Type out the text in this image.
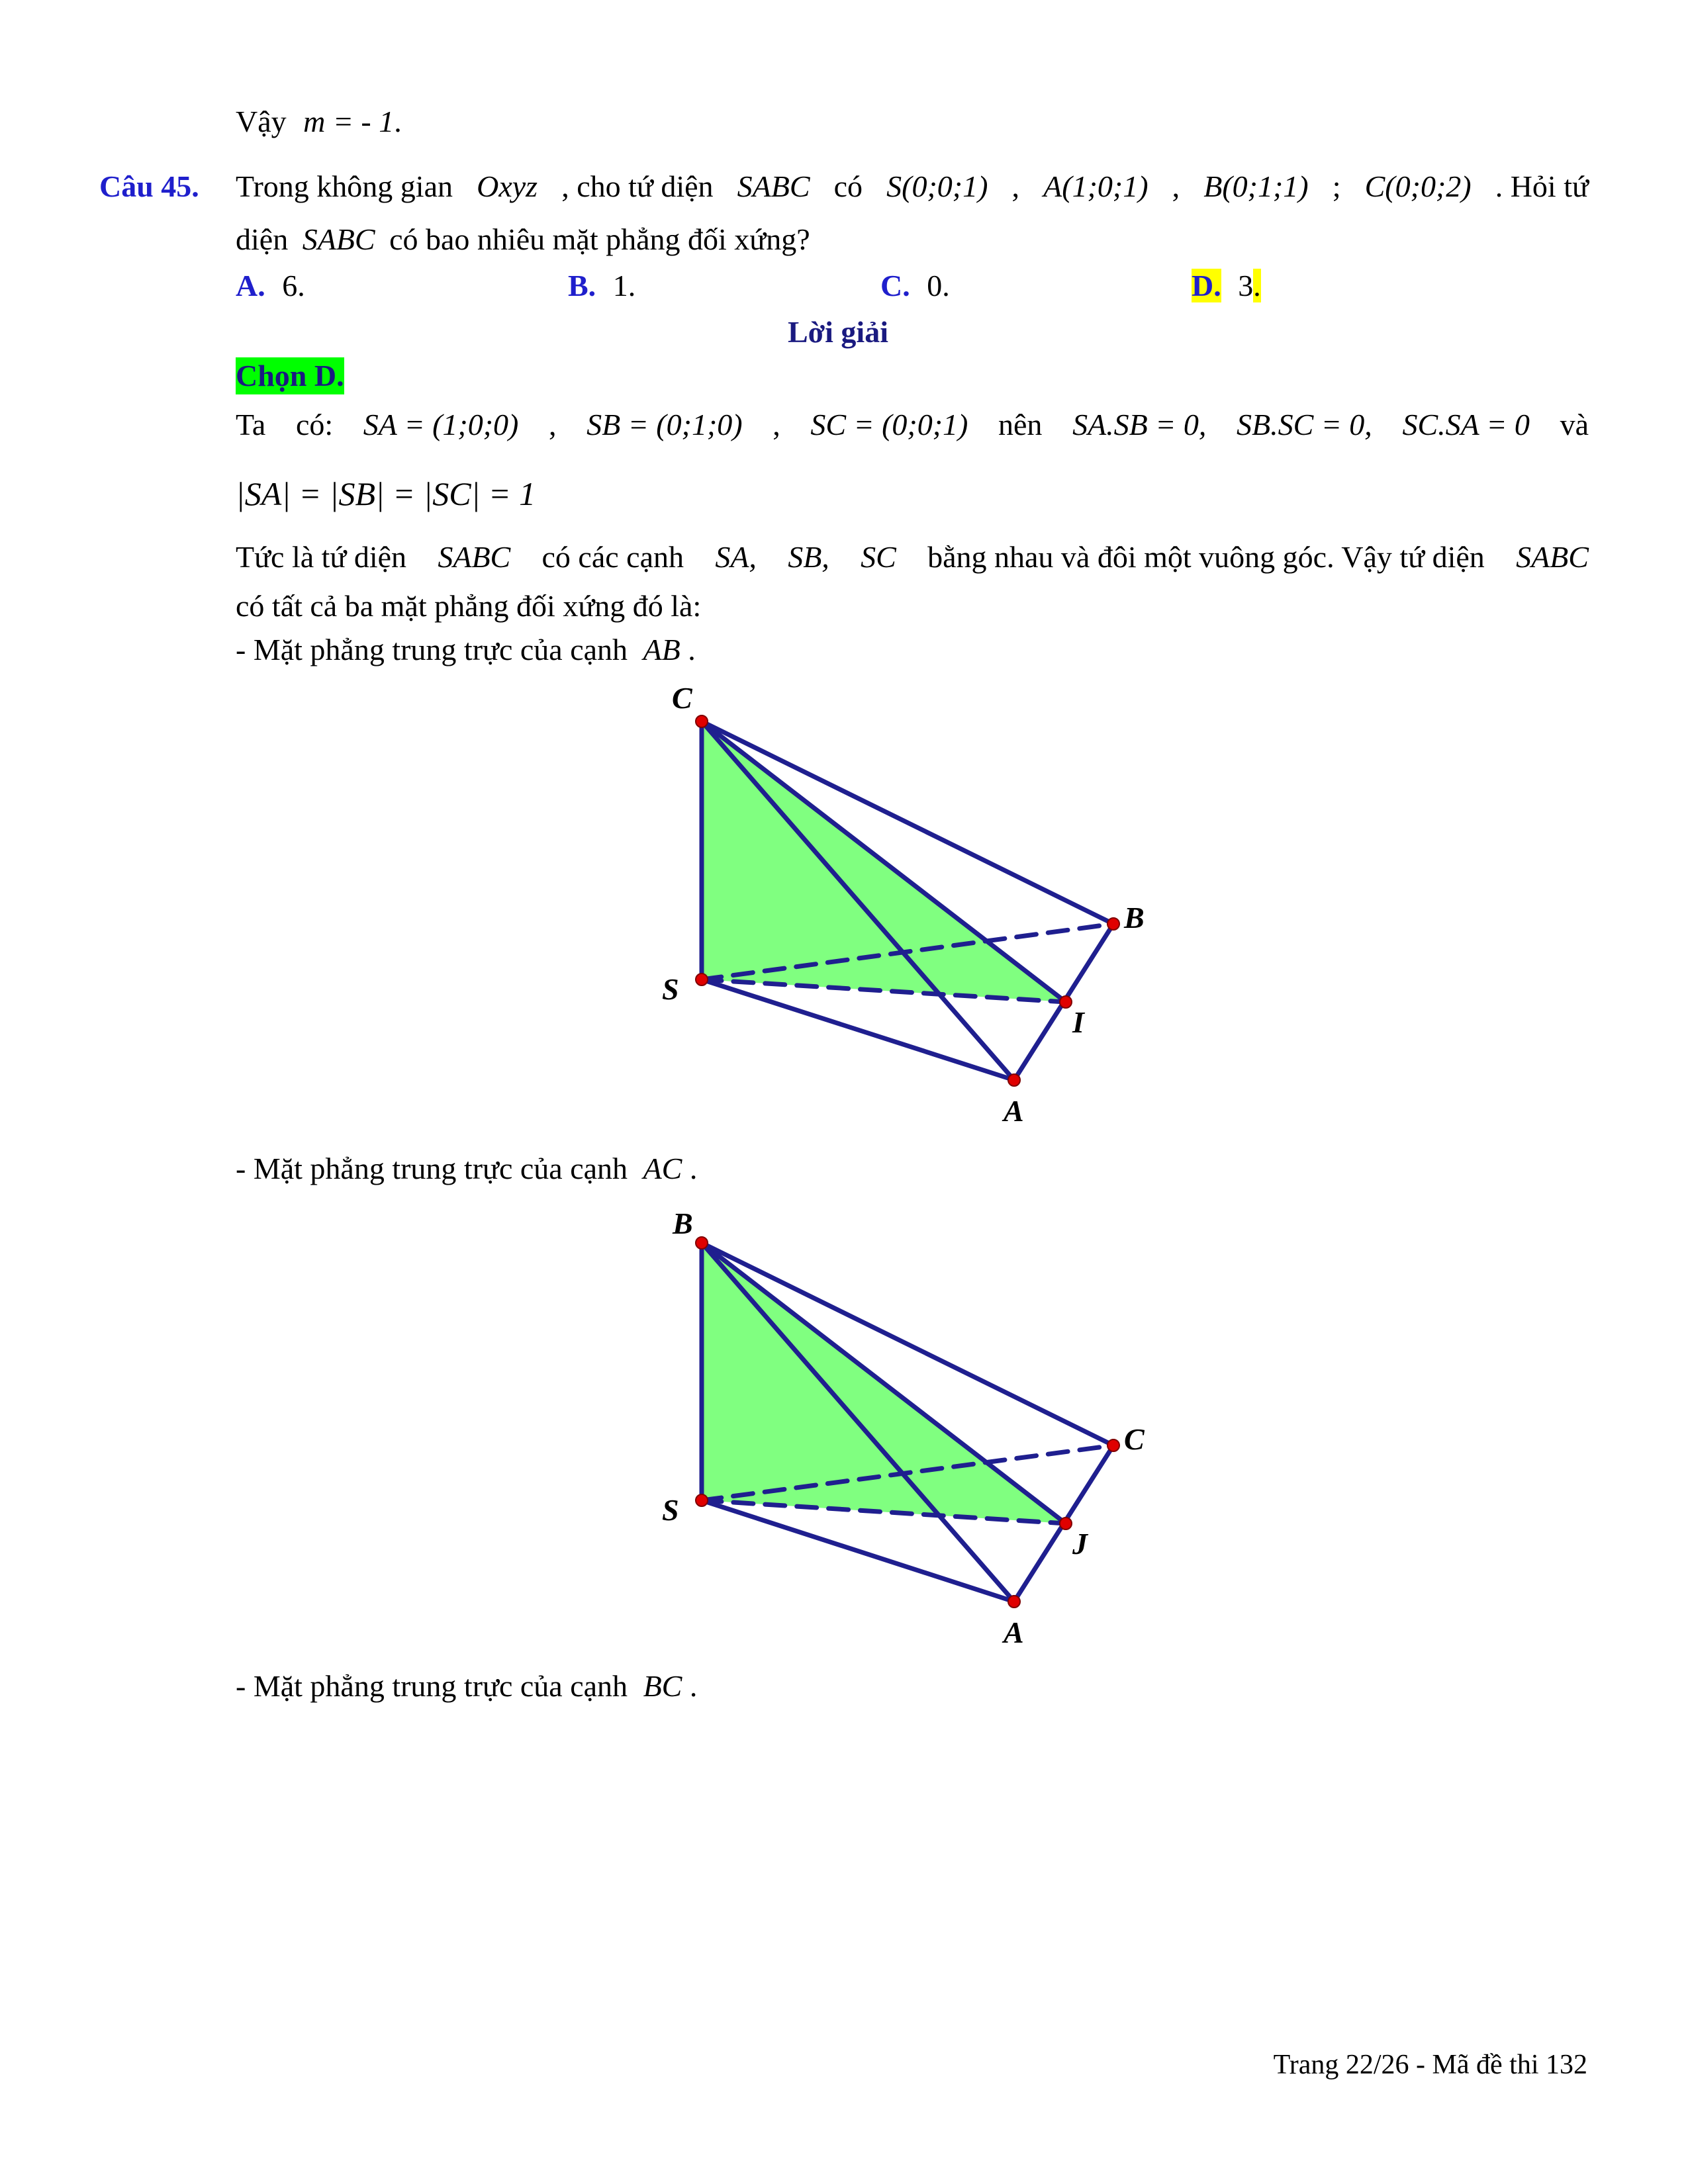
Vậy m = - 1.
Câu 45. Trong không gian Oxyz , cho tứ diện SABC có S(0;0;1) , A(1;0;1) , B(0;1;1) ; C(0;0;2) . Hỏi tứ
diện SABC có bao nhiêu mặt phẳng đối xứng?
A. 6.	B. 1.	C. 0.	D. 3.
Lời giải
Chọn D.
Ta có: SA = (1;0;0) , SB = (0;1;0) , SC = (0;0;1) nên SA.SB = 0, SB.SC = 0, SC.SA = 0 và
|SA| = |SB| = |SC| = 1
Tức là tứ diện SABC có các cạnh SA, SB, SC bằng nhau và đôi một vuông góc. Vậy tứ diện SABC
có tất cả ba mặt phẳng đối xứng đó là:
- Mặt phẳng trung trực của cạnh AB .
C
B
S
I
A
- Mặt phẳng trung trực của cạnh AC .
B
C
S
J
A
- Mặt phẳng trung trực của cạnh BC .
Trang 22/26 - Mã đề thi 132
